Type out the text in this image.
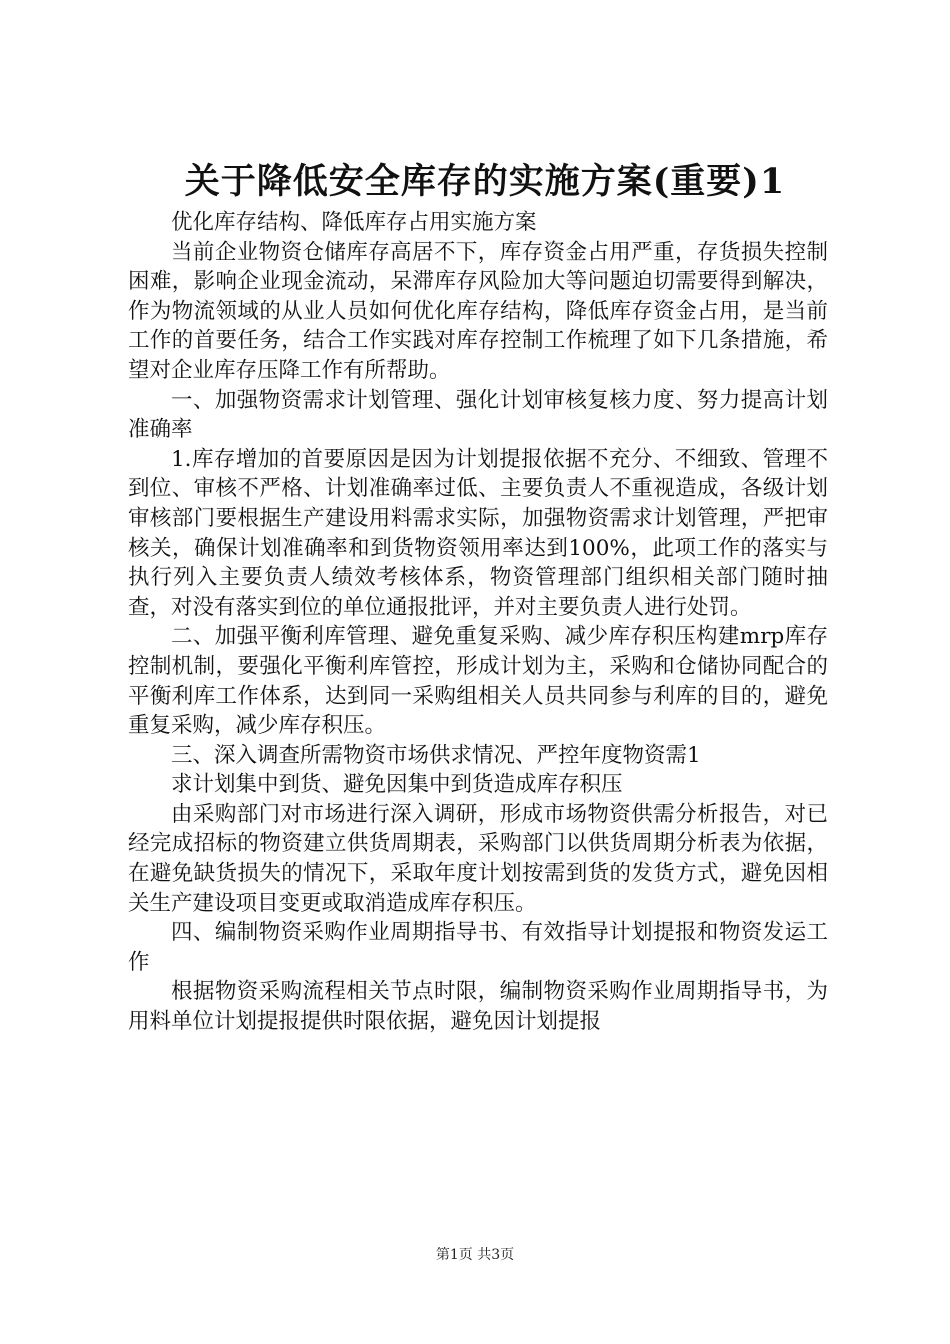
关于降低安全库存的实施方案(重要)1

优化库存结构、降低库存占用实施方案

当前企业物资仓储库存高居不下，库存资金占用严重，存货损失控制困难，影响企业现金流动，呆滞库存风险加大等问题迫切需要得到解决，作为物流领域的从业人员如何优化库存结构，降低库存资金占用，是当前工作的首要任务，结合工作实践对库存控制工作梳理了如下几条措施，希望对企业库存压降工作有所帮助。

一、加强物资需求计划管理、强化计划审核复核力度、努力提高计划准确率

1.库存增加的首要原因是因为计划提报依据不充分、不细致、管理不到位、审核不严格、计划准确率过低、主要负责人不重视造成，各级计划审核部门要根据生产建设用料需求实际，加强物资需求计划管理，严把审核关，确保计划准确率和到货物资领用率达到100%，此项工作的落实与执行列入主要负责人绩效考核体系，物资管理部门组织相关部门随时抽查，对没有落实到位的单位通报批评，并对主要负责人进行处罚。

二、加强平衡利库管理、避免重复采购、减少库存积压构建mrp库存控制机制，要强化平衡利库管控，形成计划为主，采购和仓储协同配合的平衡利库工作体系，达到同一采购组相关人员共同参与利库的目的，避免重复采购，减少库存积压。

三、深入调查所需物资市场供求情况、严控年度物资需1

求计划集中到货、避免因集中到货造成库存积压

由采购部门对市场进行深入调研，形成市场物资供需分析报告，对已经完成招标的物资建立供货周期表，采购部门以供货周期分析表为依据，在避免缺货损失的情况下，采取年度计划按需到货的发货方式，避免因相关生产建设项目变更或取消造成库存积压。

四、编制物资采购作业周期指导书、有效指导计划提报和物资发运工作

根据物资采购流程相关节点时限，编制物资采购作业周期指导书，为用料单位计划提报提供时限依据，避免因计划提报

第1页 共3页
